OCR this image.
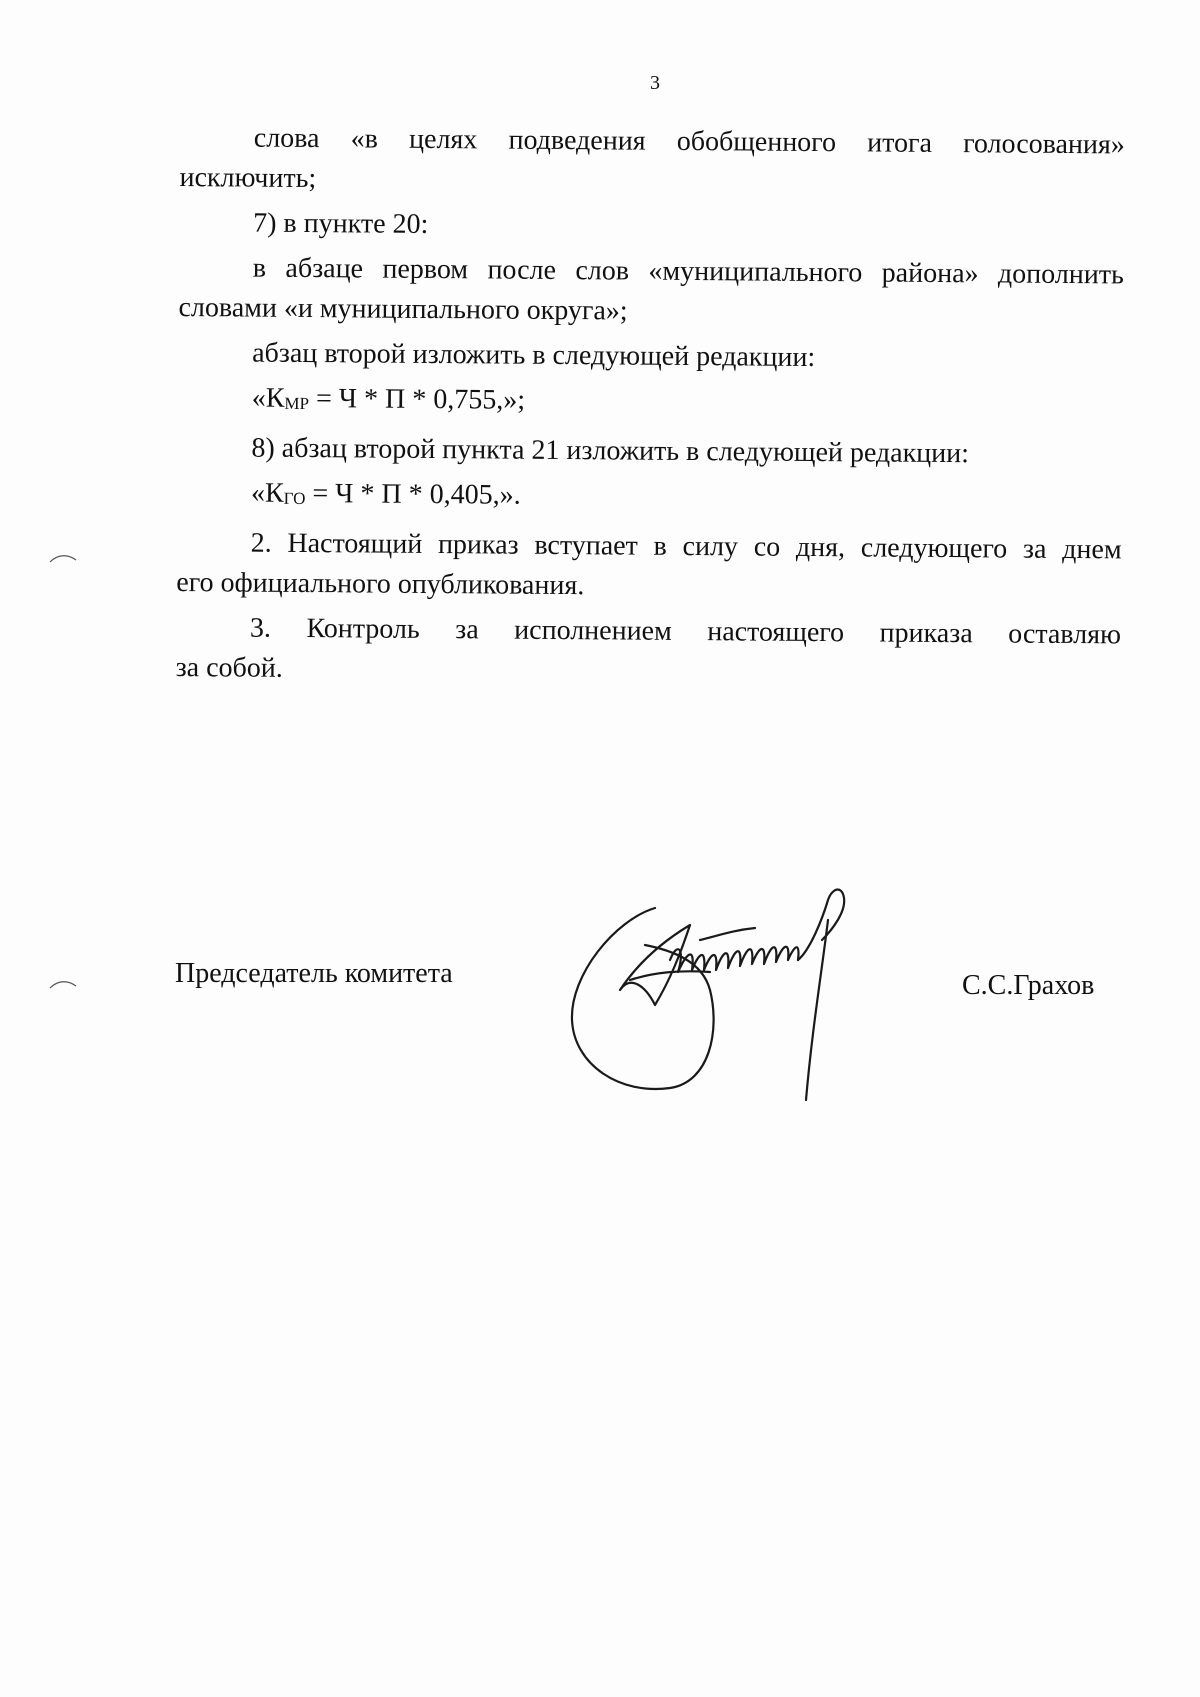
3

слова «в целях подведения обобщенного итога голосования»
исключить;

7) в пункте 20:

в абзаце первом после слов «муниципального района» дополнить
словами «и муниципального округа»;

абзац второй изложить в следующей редакции:

«КМР = Ч * П * 0,755,»;

8) абзац второй пункта 21 изложить в следующей редакции:

«КГО = Ч * П * 0,405,».

2. Настоящий приказ вступает в силу со дня, следующего за днем
его официального опубликования.

3. Контроль за исполнением настоящего приказа оставляю
за собой.

Председатель комитета	С.С.Грахов
